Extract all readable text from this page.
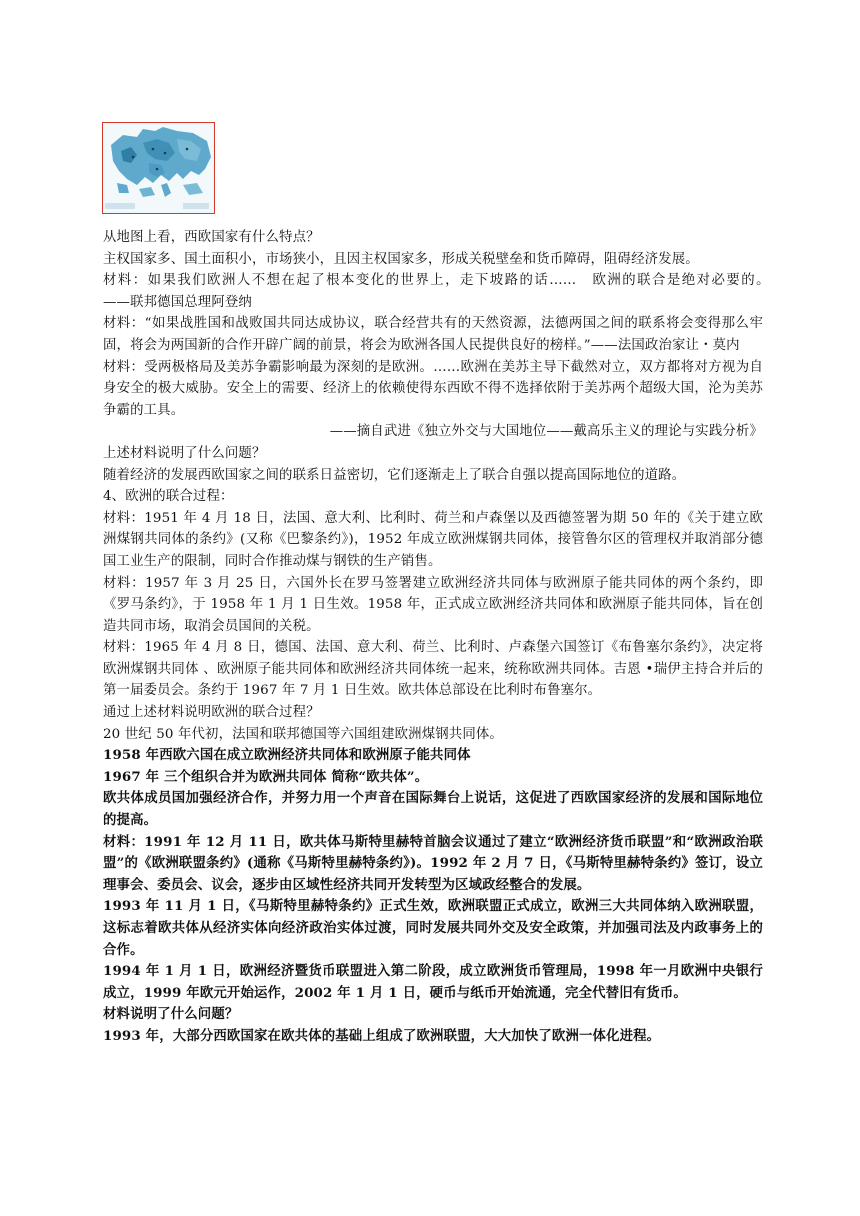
从地图上看，西欧国家有什么特点？

主权国家多、国土面积小，市场狭小，且因主权国家多，形成关税壁垒和货币障碍，阻碍经济发展。

材料：如果我们欧洲人不想在起了根本变化的世界上，走下坡路的话……　欧洲的联合是绝对必要的。　　　——联邦德国总理阿登纳

材料：“如果战胜国和战败国共同达成协议，联合经营共有的天然资源，法德两国之间的联系将会变得那么牢固，将会为两国新的合作开辟广阔的前景，将会为欧洲各国人民提供良好的榜样。”——法国政治家让・莫内

材料：受两极格局及美苏争霸影响最为深刻的是欧洲。……欧洲在美苏主导下截然对立，双方都将对方视为自身安全的极大威胁。安全上的需要、经济上的依赖使得东西欧不得不选择依附于美苏两个超级大国，沦为美苏争霸的工具。

——摘自武进《独立外交与大国地位——戴高乐主义的理论与实践分析》

上述材料说明了什么问题？

随着经济的发展西欧国家之间的联系日益密切，它们逐渐走上了联合自强以提高国际地位的道路。

4、欧洲的联合过程：

材料：1951 年 4 月 18 日，法国、意大利、比利时、荷兰和卢森堡以及西德签署为期 50 年的《关于建立欧洲煤钢共同体的条约》(又称《巴黎条约》)，1952 年成立欧洲煤钢共同体，接管鲁尔区的管理权并取消部分德国工业生产的限制，同时合作推动煤与钢铁的生产销售。

材料：1957 年 3 月 25 日，六国外长在罗马签署建立欧洲经济共同体与欧洲原子能共同体的两个条约，即《罗马条约》，于 1958 年 1 月 1 日生效。1958 年，正式成立欧洲经济共同体和欧洲原子能共同体，旨在创造共同市场，取消会员国间的关税。

材料：1965 年 4 月 8 日，德国、法国、意大利、荷兰、比利时、卢森堡六国签订《布鲁塞尔条约》，决定将欧洲煤钢共同体 、欧洲原子能共同体和欧洲经济共同体统一起来，统称欧洲共同体。吉恩 •瑞伊主持合并后的第一届委员会。条约于 1967 年 7 月 1 日生效。欧共体总部设在比利时布鲁塞尔。

通过上述材料说明欧洲的联合过程？

20 世纪 50 年代初，法国和联邦德国等六国组建欧洲煤钢共同体。

1958 年西欧六国在成立欧洲经济共同体和欧洲原子能共同体

1967 年 三个组织合并为欧洲共同体 简称“欧共体”。

欧共体成员国加强经济合作，并努力用一个声音在国际舞台上说话，这促进了西欧国家经济的发展和国际地位的提高。

材料：1991 年 12 月 11 日，欧共体马斯特里赫特首脑会议通过了建立“欧洲经济货币联盟”和“欧洲政治联盟”的《欧洲联盟条约》(通称《马斯特里赫特条约》)。1992 年 2 月 7 日，《马斯特里赫特条约》签订，设立理事会、委员会、议会，逐步由区域性经济共同开发转型为区域政经整合的发展。

1993 年 11 月 1 日，《马斯特里赫特条约》正式生效，欧洲联盟正式成立，欧洲三大共同体纳入欧洲联盟，这标志着欧共体从经济实体向经济政治实体过渡，同时发展共同外交及安全政策，并加强司法及内政事务上的合作。

1994 年 1 月 1 日，欧洲经济暨货币联盟进入第二阶段，成立欧洲货币管理局，1998 年一月欧洲中央银行成立，1999 年欧元开始运作，2002 年 1 月 1 日，硬币与纸币开始流通，完全代替旧有货币。

材料说明了什么问题？

1993 年，大部分西欧国家在欧共体的基础上组成了欧洲联盟，大大加快了欧洲一体化进程。
